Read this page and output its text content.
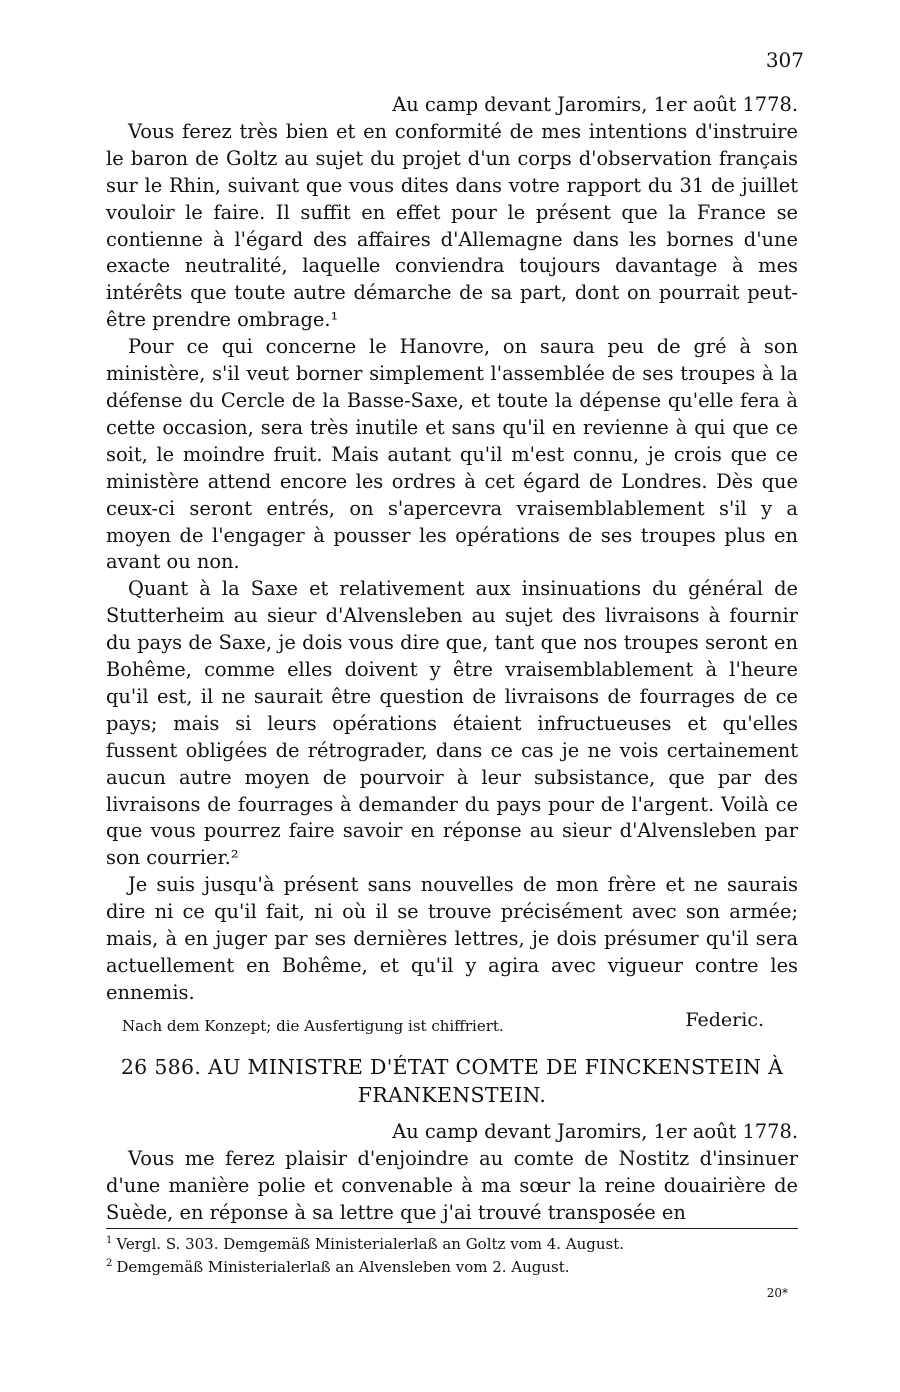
307

Au camp devant Jaromirs, 1er août 1778.

Vous ferez très bien et en conformité de mes intentions d'instruire le baron de Goltz au sujet du projet d'un corps d'observation français sur le Rhin, suivant que vous dites dans votre rapport du 31 de juillet vouloir le faire. Il suffit en effet pour le présent que la France se contienne à l'égard des affaires d'Allemagne dans les bornes d'une exacte neutralité, laquelle conviendra toujours davantage à mes intérêts que toute autre démarche de sa part, dont on pourrait peut-être prendre ombrage.¹

Pour ce qui concerne le Hanovre, on saura peu de gré à son ministère, s'il veut borner simplement l'assemblée de ses troupes à la défense du Cercle de la Basse-Saxe, et toute la dépense qu'elle fera à cette occasion, sera très inutile et sans qu'il en revienne à qui que ce soit, le moindre fruit. Mais autant qu'il m'est connu, je crois que ce ministère attend encore les ordres à cet égard de Londres. Dès que ceux-ci seront entrés, on s'apercevra vraisemblablement s'il y a moyen de l'engager à pousser les opérations de ses troupes plus en avant ou non.

Quant à la Saxe et relativement aux insinuations du général de Stutterheim au sieur d'Alvensleben au sujet des livraisons à fournir du pays de Saxe, je dois vous dire que, tant que nos troupes seront en Bohême, comme elles doivent y être vraisemblablement à l'heure qu'il est, il ne saurait être question de livraisons de fourrages de ce pays; mais si leurs opérations étaient infructueuses et qu'elles fussent obligées de rétrograder, dans ce cas je ne vois certainement aucun autre moyen de pourvoir à leur subsistance, que par des livraisons de fourrages à demander du pays pour de l'argent. Voilà ce que vous pourrez faire savoir en réponse au sieur d'Alvensleben par son courrier.²

Je suis jusqu'à présent sans nouvelles de mon frère et ne saurais dire ni ce qu'il fait, ni où il se trouve précisément avec son armée; mais, à en juger par ses dernières lettres, je dois présumer qu'il sera actuellement en Bohême, et qu'il y agira avec vigueur contre les ennemis.

Nach dem Konzept; die Ausfertigung ist chiffriert.	Federic.
26 586. AU MINISTRE D'ÉTAT COMTE DE FINCKENSTEIN À FRANKENSTEIN.

Au camp devant Jaromirs, 1er août 1778.

Vous me ferez plaisir d'enjoindre au comte de Nostitz d'insinuer d'une manière polie et convenable à ma sœur la reine douairière de Suède, en réponse à sa lettre que j'ai trouvé transposée en

$^1$ Vergl. S. 303. Demgemäß Ministerialerlaß an Goltz vom 4. August.

$^2$ Demgemäß Ministerialerlaß an Alvensleben vom 2. August.

20*
